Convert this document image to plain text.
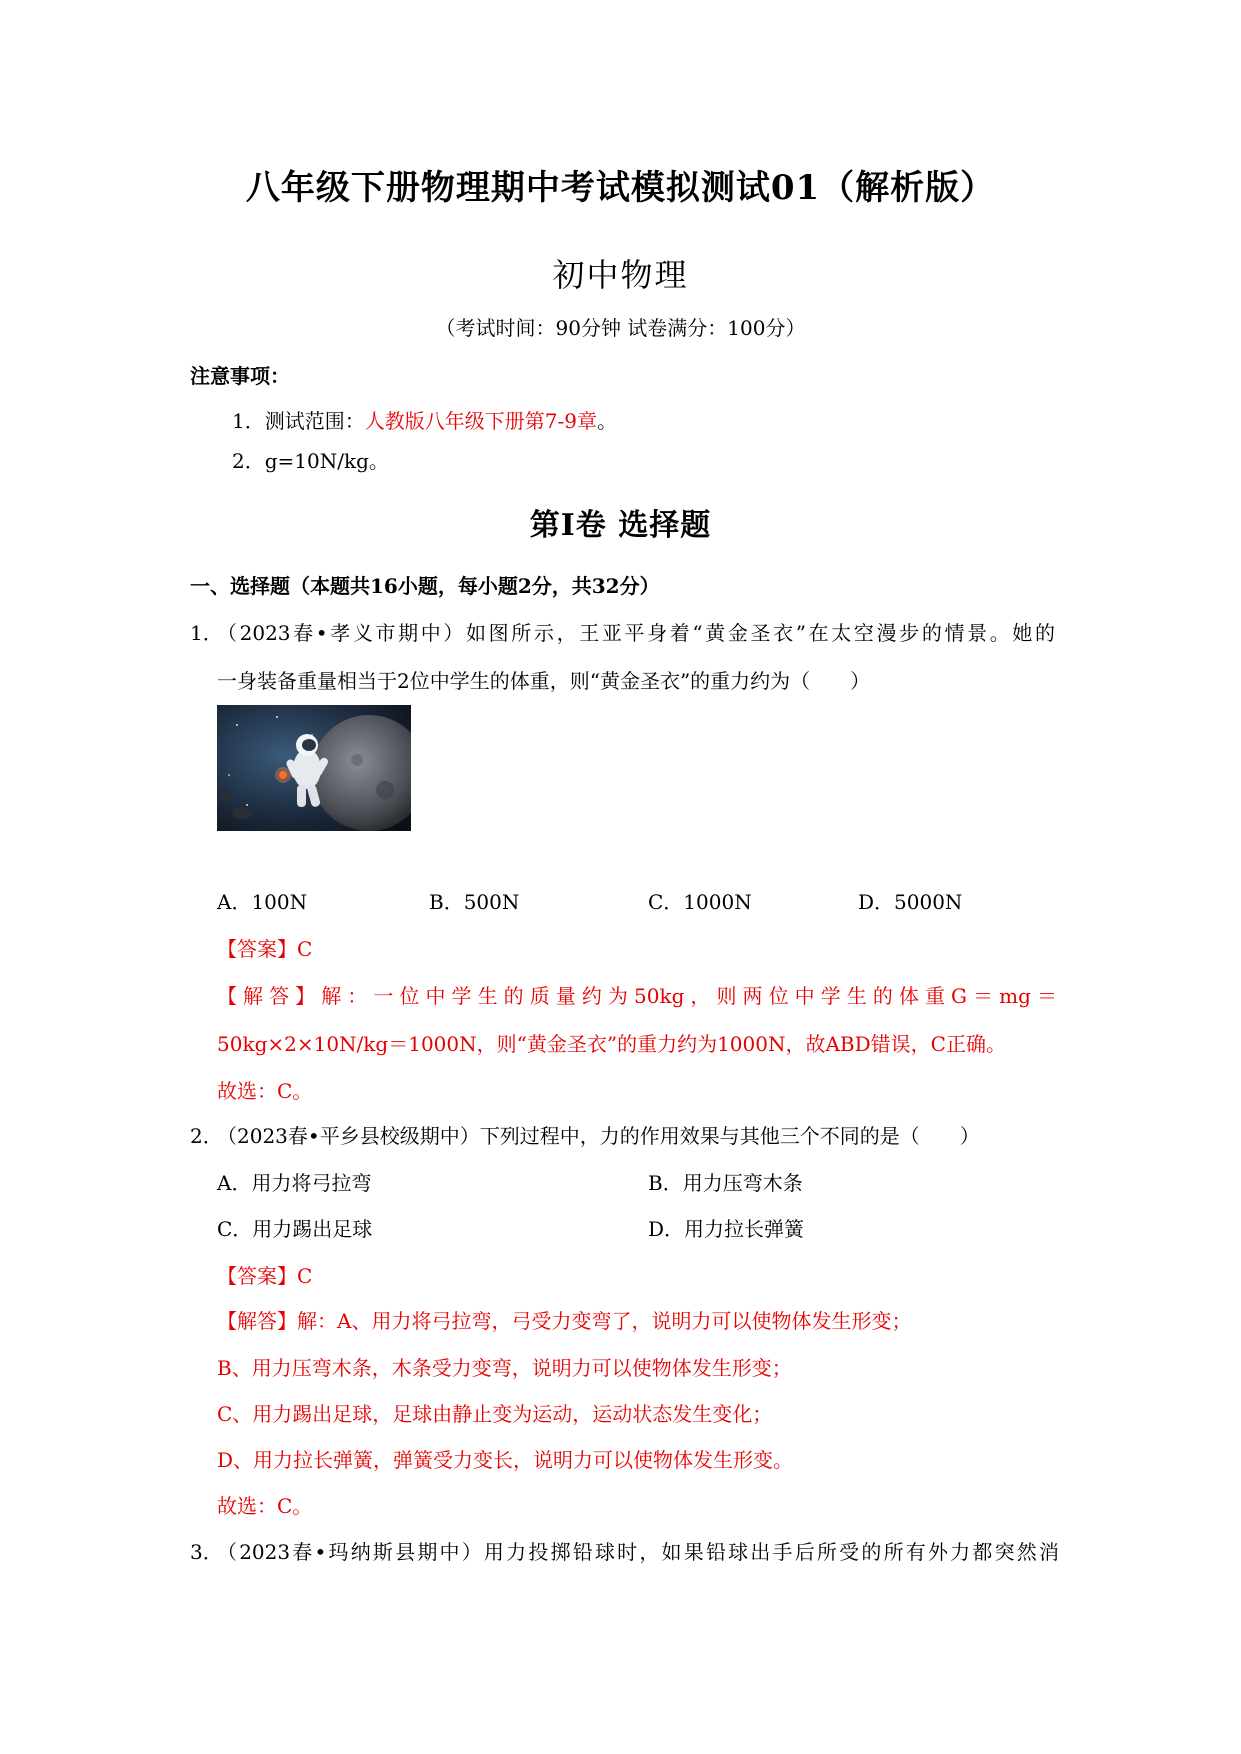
八年级下册物理期中考试模拟测试01（解析版）
初中物理
（考试时间：90分钟 试卷满分：100分）
注意事项：
1．测试范围：人教版八年级下册第7-9章。
2．g=10N/kg。
第Ⅰ卷 选择题
一、选择题（本题共16小题，每小题2分，共32分）
1．
（2023春•孝义市期中）如图所示，王亚平身着“黄金圣衣”在太空漫步的情景。她的
一身装备重量相当于2位中学生的体重，则“黄金圣衣”的重力约为（　　）
A．100N	B．500N	C．1000N	D．5000N
【答案】C
【解答】解：一位中学生的质量约为50kg，则两位中学生的体重G＝mg＝
50kg×2×10N/kg＝1000N，则“黄金圣衣”的重力约为1000N，故ABD错误，C正确。
故选：C。
2．
（2023春•平乡县校级期中）下列过程中，力的作用效果与其他三个不同的是（　　）
A．用力将弓拉弯	B．用力压弯木条
C．用力踢出足球	D．用力拉长弹簧
【答案】C
【解答】解：A、用力将弓拉弯，弓受力变弯了，说明力可以使物体发生形变；
B、用力压弯木条，木条受力变弯，说明力可以使物体发生形变；
C、用力踢出足球，足球由静止变为运动，运动状态发生变化；
D、用力拉长弹簧，弹簧受力变长，说明力可以使物体发生形变。
故选：C。
3．
（2023春•玛纳斯县期中）用力投掷铅球时，如果铅球出手后所受的所有外力都突然消
